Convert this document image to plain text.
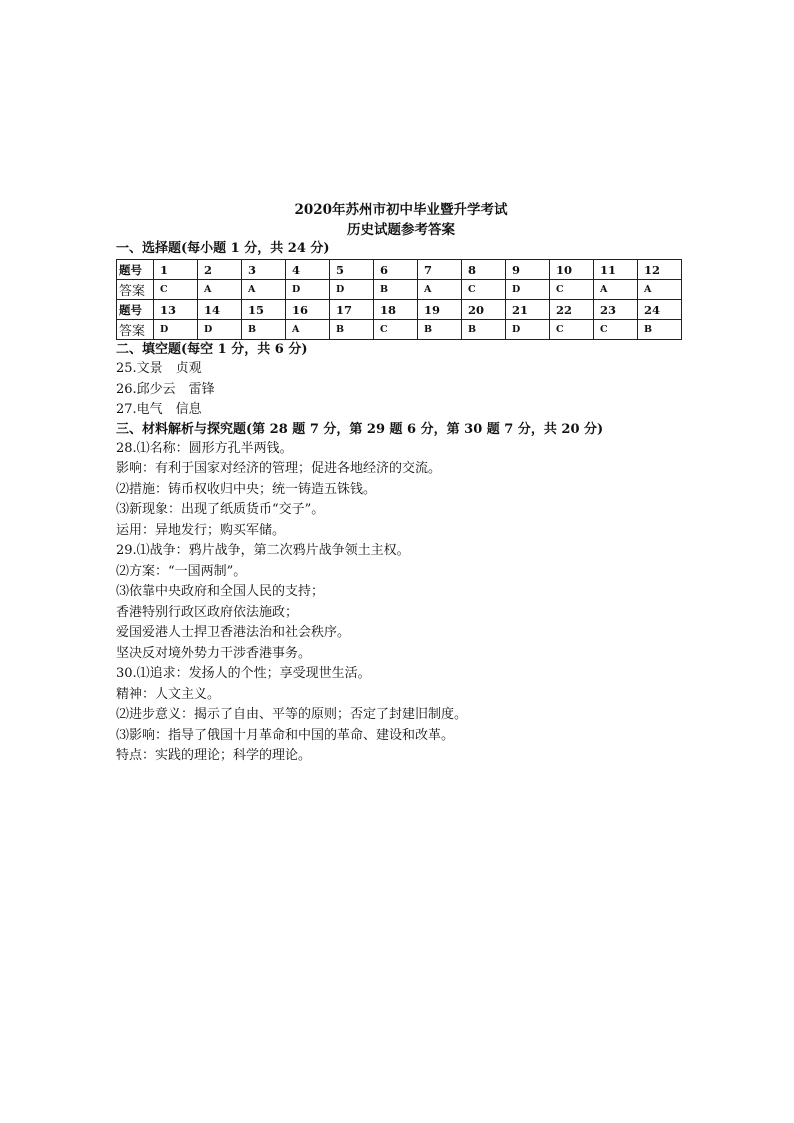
2020年苏州市初中毕业暨升学考试

历史试题参考答案

一、选择题(每小题 1 分，共 24 分)

题号	1	2	3	4	5	6	7	8	9	10	11	12
答案	C	A	A	D	D	B	A	C	D	C	A	A
题号	13	14	15	16	17	18	19	20	21	22	23	24
答案	D	D	B	A	B	C	B	B	D	C	C	B

二、填空题(每空 1 分，共 6 分)

25.文景　贞观

26.邱少云　雷锋

27.电气　信息

三、材料解析与探究题(第 28 题 7 分，第 29 题 6 分，第 30 题 7 分，共 20 分)

28.⑴名称：圆形方孔半两钱。

影响：有利于国家对经济的管理；促进各地经济的交流。

⑵措施：铸币权收归中央；统一铸造五铢钱。

⑶新现象：出现了纸质货币“交子”。

运用：异地发行；购买军储。

29.⑴战争：鸦片战争，第二次鸦片战争领土主权。

⑵方案：“一国两制”。

⑶依靠中央政府和全国人民的支持；

香港特别行政区政府依法施政；

爱国爱港人士捍卫香港法治和社会秩序。

坚决反对境外势力干涉香港事务。

30.⑴追求：发扬人的个性；享受现世生活。

精神：人文主义。

⑵进步意义：揭示了自由、平等的原则；否定了封建旧制度。

⑶影响：指导了俄国十月革命和中国的革命、建设和改革。

特点：实践的理论；科学的理论。
